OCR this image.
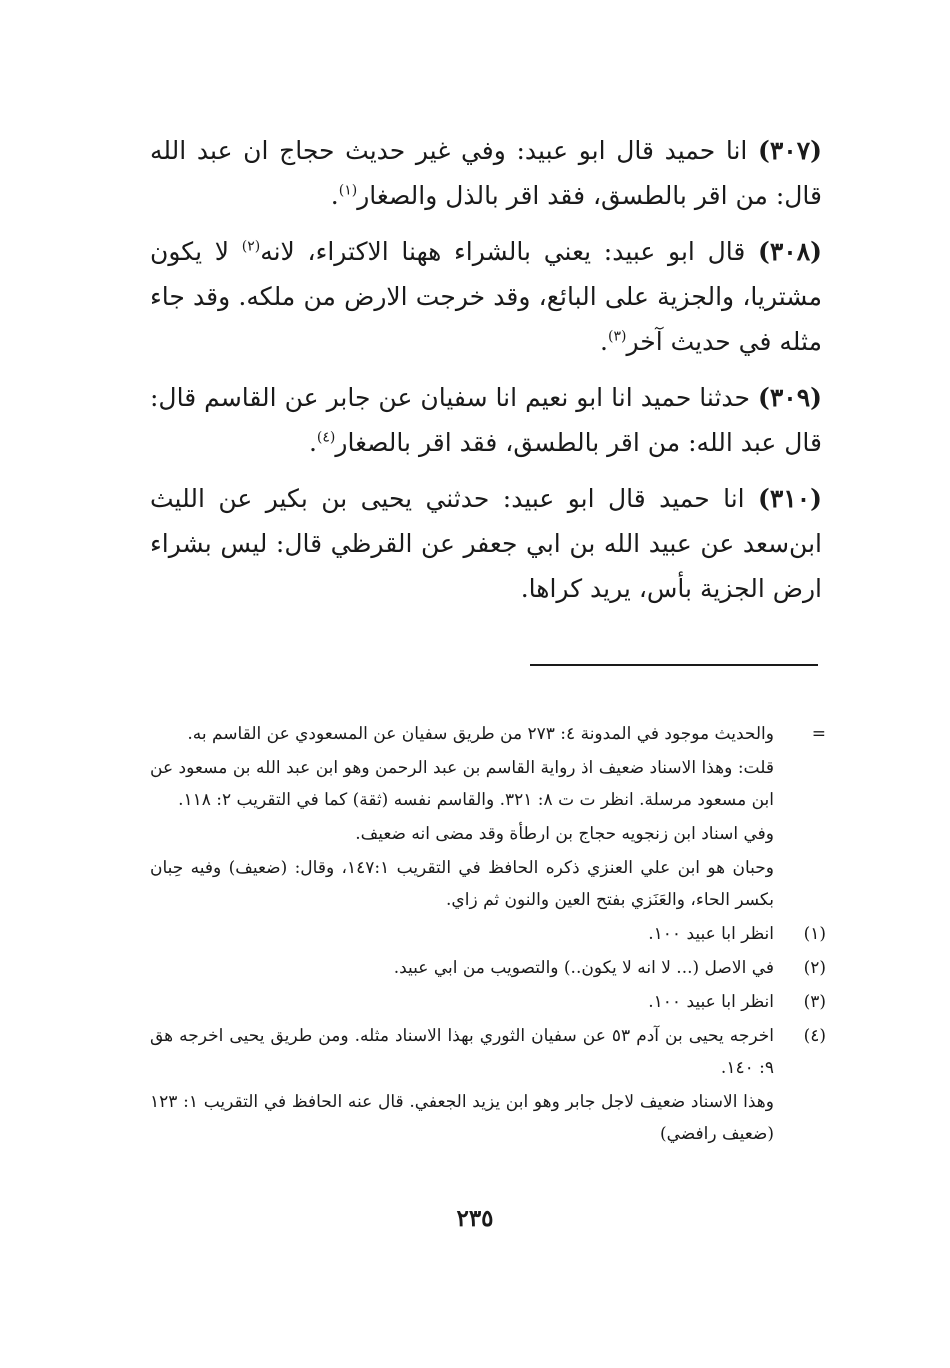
(٣٠٧) انا حميد قال ابو عبيد: وفي غير حديث حجاج ان عبد الله قال: من اقر بالطسق، فقد اقر بالذل والصغار$^{(١)}$.

(٣٠٨) قال ابو عبيد: يعني بالشراء ههنا الاكتراء، لانه$^{(٢)}$ لا يكون مشتريا، والجزية على البائع، وقد خرجت الارض من ملكه. وقد جاء مثله في حديث آخر$^{(٣)}$.

(٣٠٩) حدثنا حميد انا ابو نعيم انا سفيان عن جابر عن القاسم قال: قال عبد الله: من اقر بالطسق، فقد اقر بالصغار$^{(٤)}$.

(٣١٠) انا حميد قال ابو عبيد: حدثني يحيى بن بكير عن الليث ابن‌سعد عن عبيد الله بن ابي جعفر عن القرظي قال: ليس بشراء ارض الجزية بأس، يريد كراها.

=

والحديث موجود في المدونة ٤: ٢٧٣ من طريق سفيان عن المسعودي عن القاسم به.

قلت: وهذا الاسناد ضعيف اذ رواية القاسم بن عبد الرحمن وهو ابن عبد الله بن مسعود عن ابن مسعود مرسلة. انظر ت ت ٨: ٣٢١. والقاسم نفسه (ثقة) كما في التقريب ٢: ١١٨.

وفي اسناد ابن زنجويه حجاج بن ارطأة وقد مضى انه ضعيف.

وحبان هو ابن علي العنزي ذكره الحافظ في التقريب ١٤٧:١، وقال: (ضعيف) وفيه حِبان بكسر الحاء، والعَنَزي بفتح العين والنون ثم زاي.

(١)

انظر ابا عبيد ١٠٠.

(٢)

في الاصل (... لا انه لا يكون..) والتصويب من ابي عبيد.

(٣)

انظر ابا عبيد ١٠٠.

(٤)

اخرجه يحيى بن آدم ٥٣ عن سفيان الثوري بهذا الاسناد مثله. ومن طريق يحيى اخرجه هق ٩: ١٤٠.

وهذا الاسناد ضعيف لاجل جابر وهو ابن يزيد الجعفي. قال عنه الحافظ في التقريب ١: ١٢٣ (ضعيف رافضي)

٢٣٥
